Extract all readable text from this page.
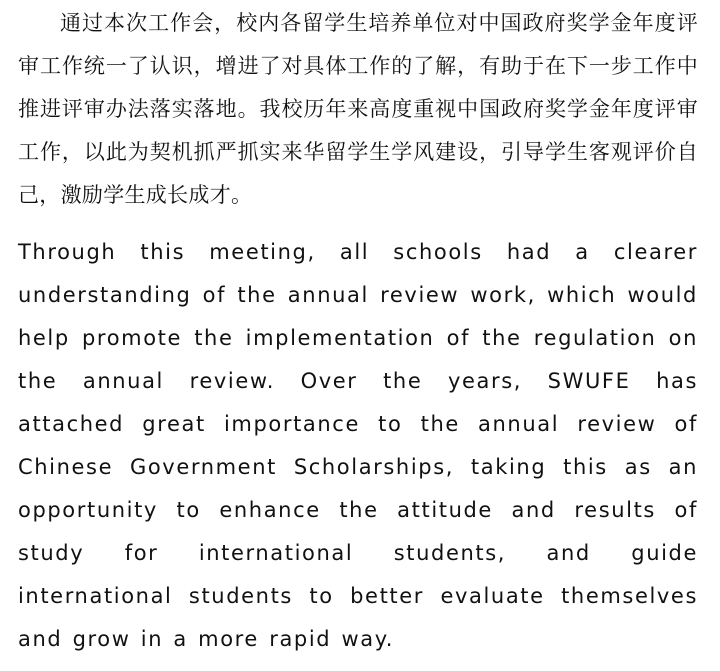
通过本次工作会，校内各留学生培养单位对中国政府奖学金年度评审工作统一了认识，增进了对具体工作的了解，有助于在下一步工作中推进评审办法落实落地。我校历年来高度重视中国政府奖学金年度评审工作，以此为契机抓严抓实来华留学生学风建设，引导学生客观评价自己，激励学生成长成才。

Through this meeting, all schools had a clearer understanding of the annual review work, which would help promote the implementation of the regulation on the annual review. Over the years, SWUFE has attached great importance to the annual review of Chinese Government Scholarships, taking this as an opportunity to enhance the attitude and results of study for international students, and guide international students to better evaluate themselves and grow in a more rapid way.
